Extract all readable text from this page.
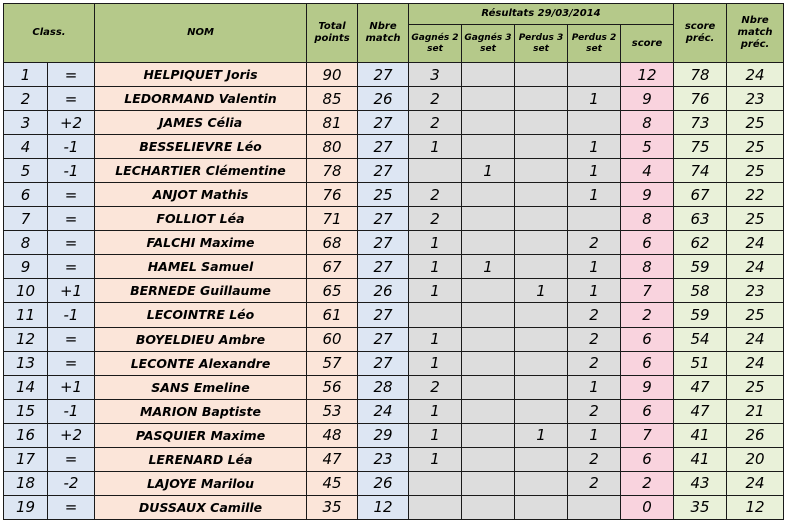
Class.		NOM	Total points	Nbre match	Résultats 29/03/2014					score préc.	Nbre match préc.
					Gagnés 2 set	Gagnés 3 set	Perdus 3 set	Perdus 2 set	score		
1	=	HELPIQUET Joris	90	27	3				12	78	24
2	=	LEDORMAND Valentin	85	26	2			1	9	76	23
3	+2	JAMES Célia	81	27	2				8	73	25
4	-1	BESSELIEVRE Léo	80	27	1			1	5	75	25
5	-1	LECHARTIER Clémentine	78	27		1		1	4	74	25
6	=	ANJOT Mathis	76	25	2			1	9	67	22
7	=	FOLLIOT Léa	71	27	2				8	63	25
8	=	FALCHI Maxime	68	27	1			2	6	62	24
9	=	HAMEL Samuel	67	27	1	1		1	8	59	24
10	+1	BERNEDE Guillaume	65	26	1		1	1	7	58	23
11	-1	LECOINTRE Léo	61	27				2	2	59	25
12	=	BOYELDIEU Ambre	60	27	1			2	6	54	24
13	=	LECONTE Alexandre	57	27	1			2	6	51	24
14	+1	SANS Emeline	56	28	2			1	9	47	25
15	-1	MARION Baptiste	53	24	1			2	6	47	21
16	+2	PASQUIER Maxime	48	29	1		1	1	7	41	26
17	=	LERENARD Léa	47	23	1			2	6	41	20
18	-2	LAJOYE Marilou	45	26				2	2	43	24
19	=	DUSSAUX Camille	35	12					0	35	12
